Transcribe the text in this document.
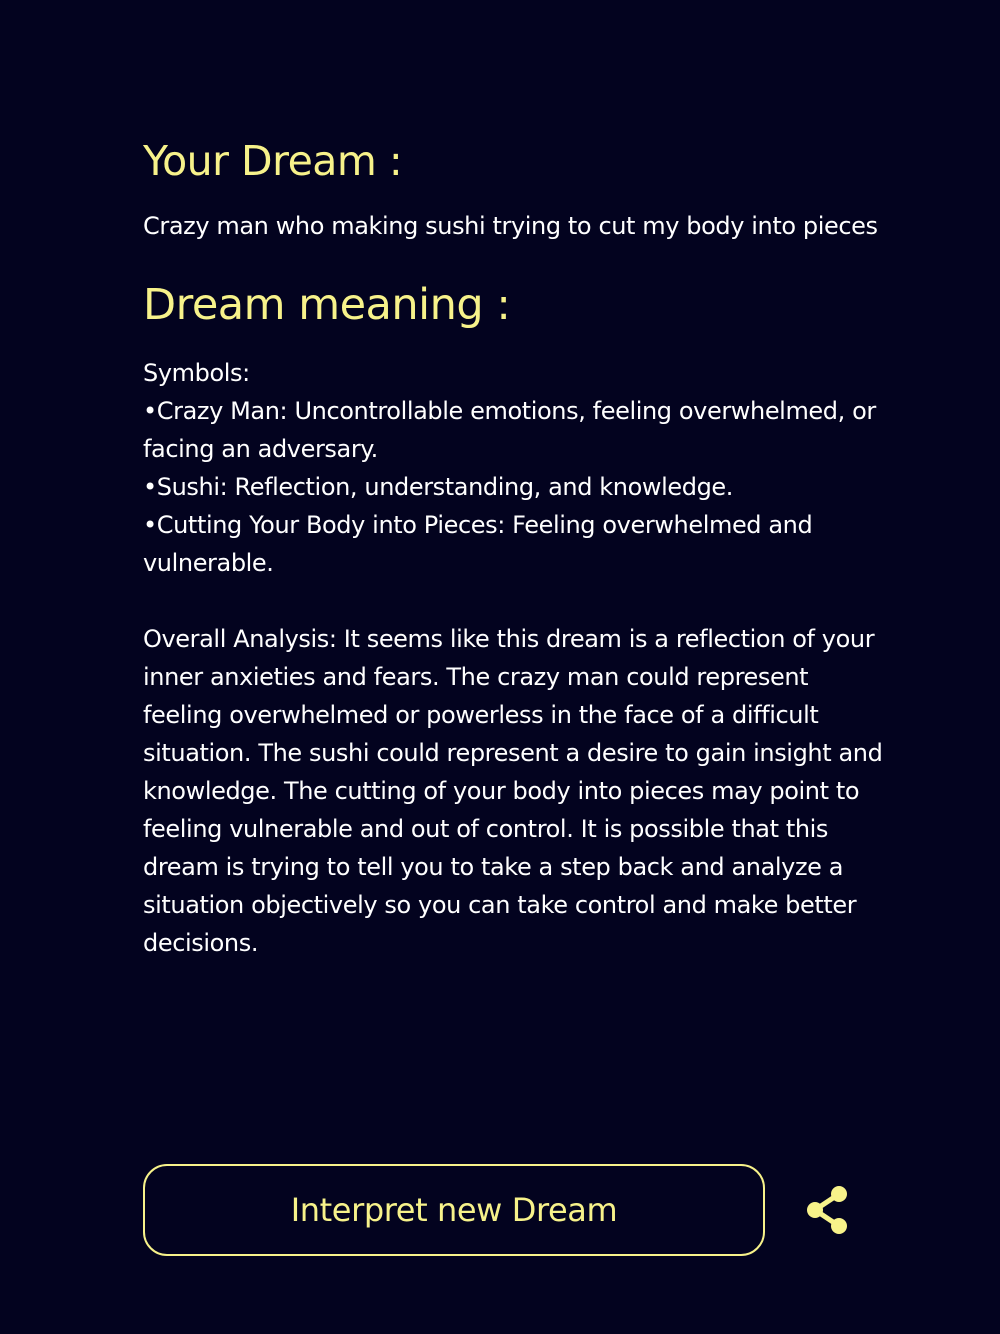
Your Dream :

Crazy man who making sushi trying to cut my body into pieces

Dream meaning :

Symbols:

• Crazy Man: Uncontrollable emotions, feeling overwhelmed, or facing an adversary.
• Sushi: Reflection, understanding, and knowledge.
• Cutting Your Body into Pieces: Feeling overwhelmed and vulnerable.

Overall Analysis: It seems like this dream is a reflection of your inner anxieties and fears. The crazy man could represent feeling overwhelmed or powerless in the face of a difficult situation. The sushi could represent a desire to gain insight and knowledge. The cutting of your body into pieces may point to feeling vulnerable and out of control. It is possible that this dream is trying to tell you to take a step back and analyze a situation objectively so you can take control and make better decisions.

Interpret new Dream
